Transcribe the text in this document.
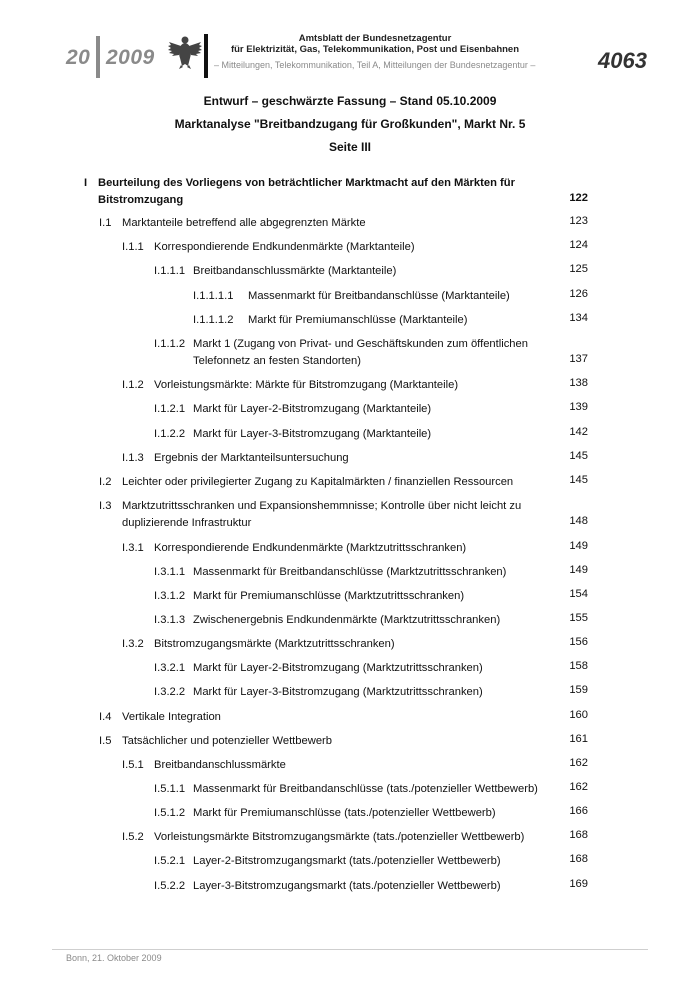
20 2009
Amtsblatt der Bundesnetzagentur
für Elektrizität, Gas, Telekommunikation, Post und Eisenbahnen
– Mitteilungen, Telekommunikation, Teil A, Mitteilungen der Bundesnetzagentur –	4063
Entwurf – geschwärzte Fassung – Stand 05.10.2009
Marktanalyse "Breitbandzugang für Großkunden", Markt Nr. 5
Seite III
I Beurteilung des Vorliegens von beträchtlicher Marktmacht auf den Märkten für
Bitstromzugang	122
I.1 Marktanteile betreffend alle abgegrenzten Märkte	123
I.1.1 Korrespondierende Endkundenmärkte (Marktanteile)	124
I.1.1.1 Breitbandanschlussmärkte (Marktanteile)	125
I.1.1.1.1 Massenmarkt für Breitbandanschlüsse (Marktanteile)	126
I.1.1.1.2 Markt für Premiumanschlüsse (Marktanteile)	134
I.1.1.2 Markt 1 (Zugang von Privat- und Geschäftskunden zum öffentlichen
Telefonnetz an festen Standorten)	137
I.1.2 Vorleistungsmärkte: Märkte für Bitstromzugang (Marktanteile)	138
I.1.2.1 Markt für Layer-2-Bitstromzugang (Marktanteile)	139
I.1.2.2 Markt für Layer-3-Bitstromzugang (Marktanteile)	142
I.1.3 Ergebnis der Marktanteilsuntersuchung	145
I.2 Leichter oder privilegierter Zugang zu Kapitalmärkten / finanziellen Ressourcen	145
I.3 Marktzutrittsschranken und Expansionshemmnisse; Kontrolle über nicht leicht zu
duplizierende Infrastruktur	148
I.3.1 Korrespondierende Endkundenmärkte (Marktzutrittsschranken)	149
I.3.1.1 Massenmarkt für Breitbandanschlüsse (Marktzutrittsschranken)	149
I.3.1.2 Markt für Premiumanschlüsse (Marktzutrittsschranken)	154
I.3.1.3 Zwischenergebnis Endkundenmärkte (Marktzutrittsschranken)	155
I.3.2 Bitstromzugangsmärkte (Marktzutrittsschranken)	156
I.3.2.1 Markt für Layer-2-Bitstromzugang (Marktzutrittsschranken)	158
I.3.2.2 Markt für Layer-3-Bitstromzugang (Marktzutrittsschranken)	159
I.4 Vertikale Integration	160
I.5 Tatsächlicher und potenzieller Wettbewerb	161
I.5.1 Breitbandanschlussmärkte	162
I.5.1.1 Massenmarkt für Breitbandanschlüsse (tats./potenzieller Wettbewerb)	162
I.5.1.2 Markt für Premiumanschlüsse (tats./potenzieller Wettbewerb)	166
I.5.2 Vorleistungsmärkte Bitstromzugangsmärkte (tats./potenzieller Wettbewerb)	168
I.5.2.1 Layer-2-Bitstromzugangsmarkt (tats./potenzieller Wettbewerb)	168
I.5.2.2 Layer-3-Bitstromzugangsmarkt (tats./potenzieller Wettbewerb)	169
Bonn, 21. Oktober 2009
